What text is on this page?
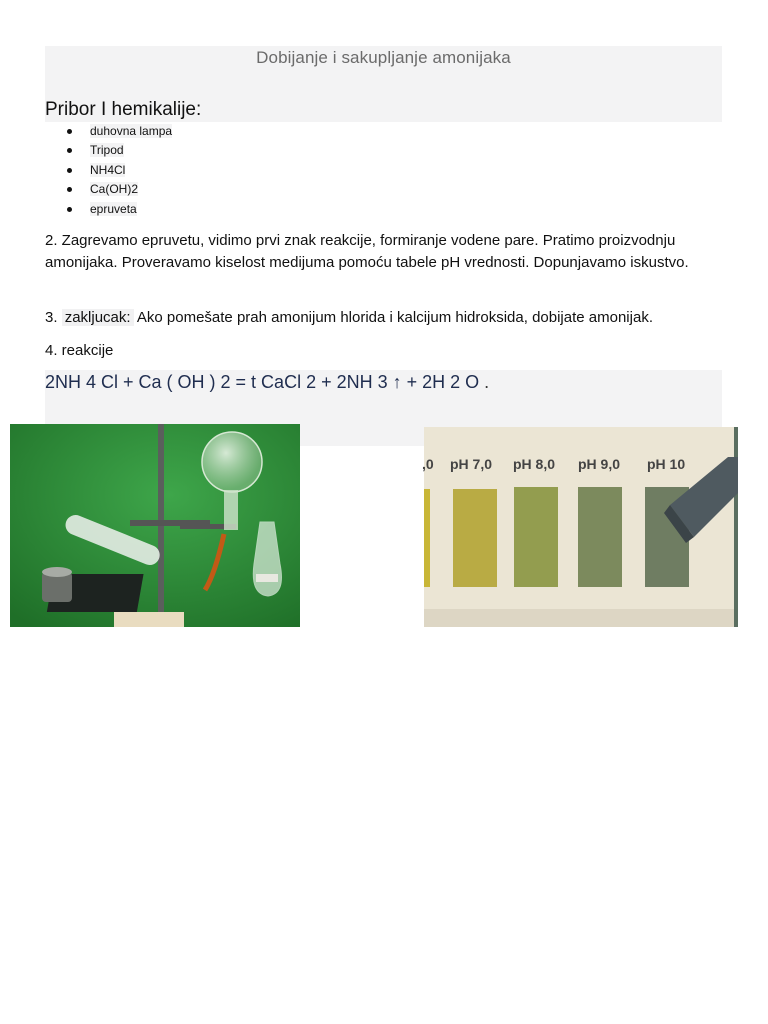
Dobijanje i sakupljanje amonijaka
Pribor I hemikalije:
duhovna lampa
Tripod
NH4Cl
Ca(OH)2
epruveta

2. Zagrevamo epruvetu, vidimo prvi znak reakcije, formiranje vodene pare. Pratimo proizvodnju amonijaka. Proveravamo kiselost medijuma pomoću tabele pH vrednosti. Dopunjavamo iskustvo.

3. zakljucak: Ako pomešate prah amonijum hlorida i kalcijum hidroksida, dobijate amonijak.

4. reakcije

2NH 4 Cl + Ca ( OH ) 2 = t CaCl 2 + 2NH 3 ↑ + 2H 2 O .
,0 pH 7,0 pH 8,0 pH 9,0 pH 10
